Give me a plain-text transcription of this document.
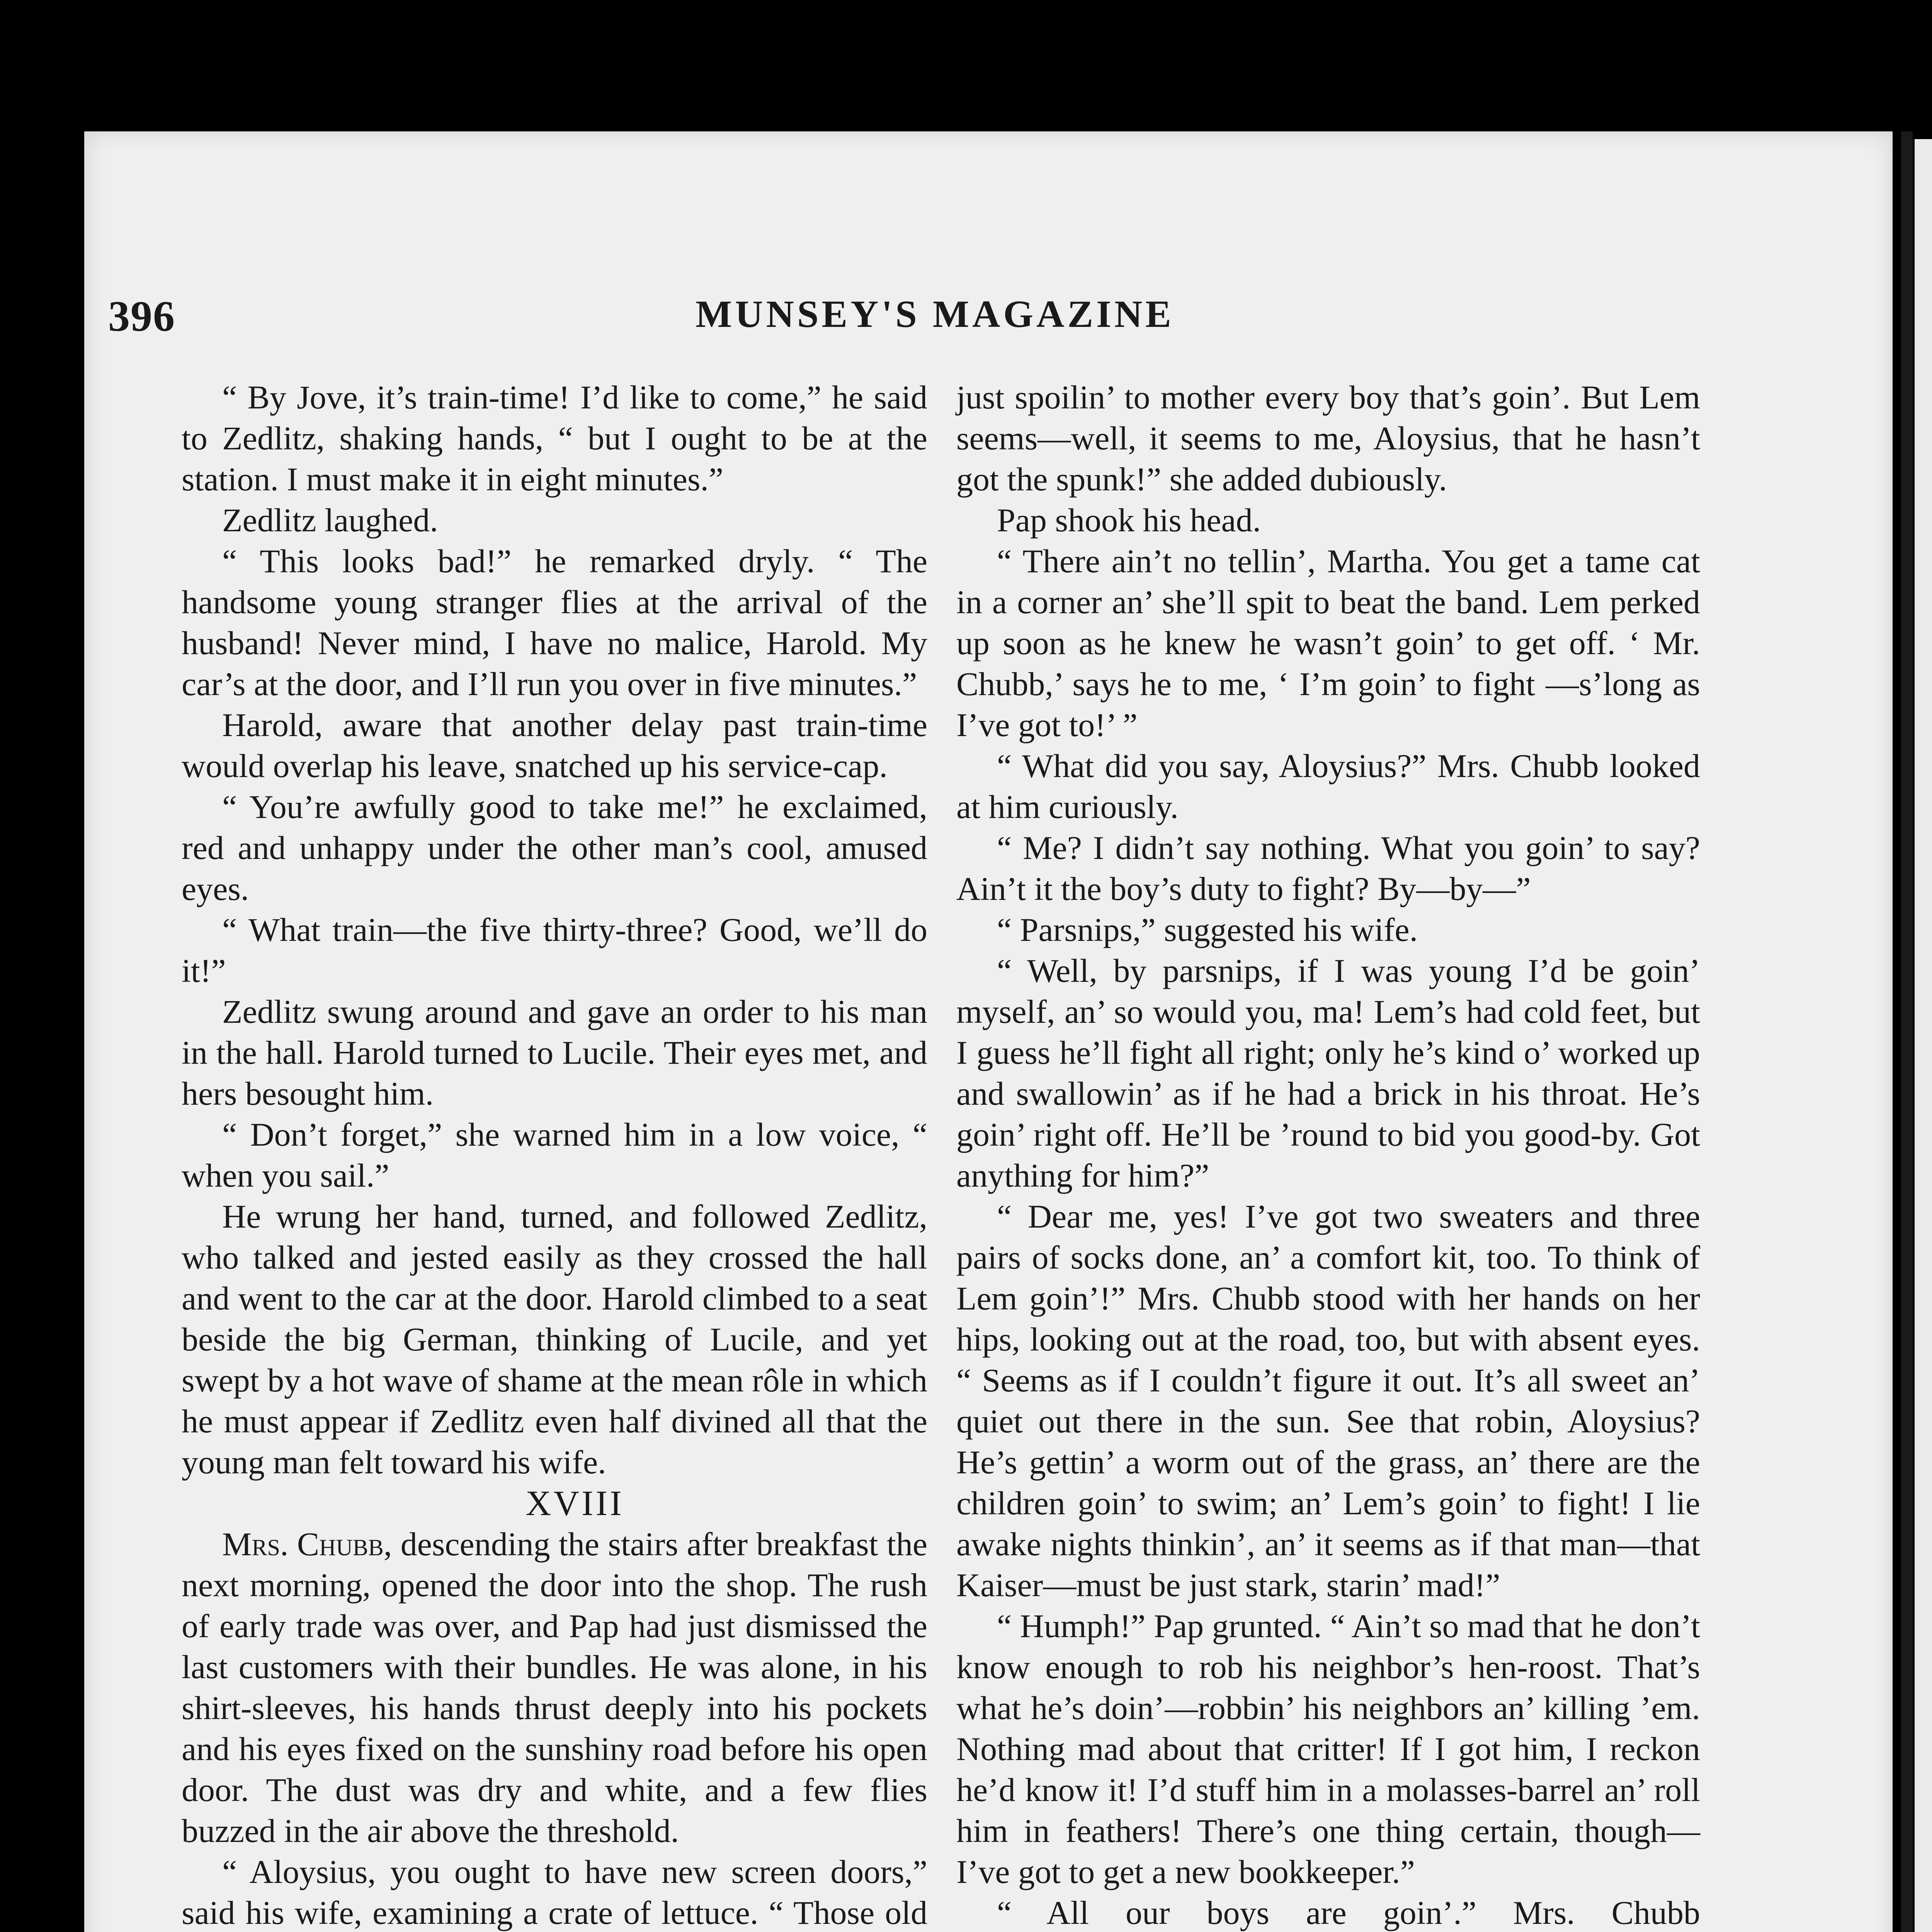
396	MUNSEY'S MAGAZINE

“ By Jove, it’s train-time! I’d like to come,” he said to Zedlitz, shaking hands, “ but I ought to be at the station. I must make it in eight minutes.”

Zedlitz laughed.

“ This looks bad!” he remarked dryly. “ The handsome young stranger flies at the arrival of the husband! Never mind, I have no malice, Harold. My car’s at the door, and I’ll run you over in five minutes.”

Harold, aware that another delay past train-time would overlap his leave, snatched up his service-cap.

“ You’re awfully good to take me!” he exclaimed, red and unhappy under the other man’s cool, amused eyes.

“ What train—the five thirty-three? Good, we’ll do it!”

Zedlitz swung around and gave an order to his man in the hall. Harold turned to Lucile. Their eyes met, and hers besought him.

“ Don’t forget,” she warned him in a low voice, “ when you sail.”

He wrung her hand, turned, and followed Zedlitz, who talked and jested easily as they crossed the hall and went to the car at the door. Harold climbed to a seat beside the big German, thinking of Lucile, and yet swept by a hot wave of shame at the mean rôle in which he must appear if Zedlitz even half divined all that the young man felt toward his wife.

XVIII

Mrs. Chubb, descending the stairs after breakfast the next morning, opened the door into the shop. The rush of early trade was over, and Pap had just dismissed the last customers with their bundles. He was alone, in his shirt-sleeves, his hands thrust deeply into his pockets and his eyes fixed on the sunshiny road before his open door. The dust was dry and white, and a few flies buzzed in the air above the threshold.

“ Aloysius, you ought to have new screen doors,” said his wife, examining a crate of lettuce. “ Those old

just spoilin’ to mother every boy that’s goin’. But Lem seems—well, it seems to me, Aloysius, that he hasn’t got the spunk!” she added dubiously.

Pap shook his head.

“ There ain’t no tellin’, Martha. You get a tame cat in a corner an’ she’ll spit to beat the band. Lem perked up soon as he knew he wasn’t goin’ to get off. ‘ Mr. Chubb,’ says he to me, ‘ I’m goin’ to fight —s’long as I’ve got to!’ ”

“ What did you say, Aloysius?” Mrs. Chubb looked at him curiously.

“ Me? I didn’t say nothing. What you goin’ to say? Ain’t it the boy’s duty to fight? By—by—”

“ Parsnips,” suggested his wife.

“ Well, by parsnips, if I was young I’d be goin’ myself, an’ so would you, ma! Lem’s had cold feet, but I guess he’ll fight all right; only he’s kind o’ worked up and swallowin’ as if he had a brick in his throat. He’s goin’ right off. He’ll be ’round to bid you good-by. Got anything for him?”

“ Dear me, yes! I’ve got two sweaters and three pairs of socks done, an’ a comfort kit, too. To think of Lem goin’!” Mrs. Chubb stood with her hands on her hips, looking out at the road, too, but with absent eyes. “ Seems as if I couldn’t figure it out. It’s all sweet an’ quiet out there in the sun. See that robin, Aloysius? He’s gettin’ a worm out of the grass, an’ there are the children goin’ to swim; an’ Lem’s goin’ to fight! I lie awake nights thinkin’, an’ it seems as if that man—that Kaiser—must be just stark, starin’ mad!”

“ Humph!” Pap grunted. “ Ain’t so mad that he don’t know enough to rob his neighbor’s hen-roost. That’s what he’s doin’—robbin’ his neighbors an’ killing ’em. Nothing mad about that critter! If I got him, I reckon he’d know it! I’d stuff him in a molasses-barrel an’ roll him in feathers! There’s one thing certain, though—I’ve got to get a new bookkeeper.”

“ All our boys are goin’.” Mrs. Chubb
